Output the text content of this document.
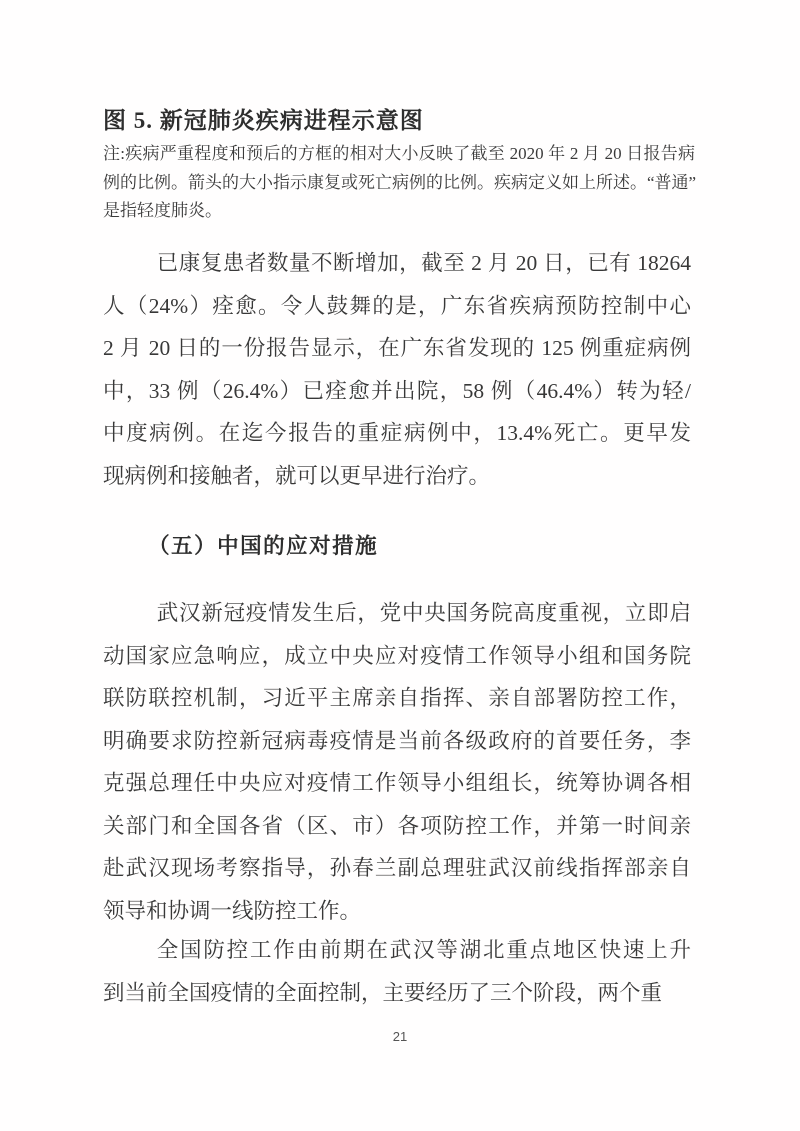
图 5. 新冠肺炎疾病进程示意图
注:疾病严重程度和预后的方框的相对大小反映了截至 2020 年 2 月 20 日报告病
例的比例。箭头的大小指示康复或死亡病例的比例。疾病定义如上所述。“普通”
是指轻度肺炎。
已康复患者数量不断增加，截至 2 月 20 日，已有 18264
人（24%）痊愈。令人鼓舞的是，广东省疾病预防控制中心
2 月 20 日的一份报告显示，在广东省发现的 125 例重症病例
中，33 例（26.4%）已痊愈并出院，58 例（46.4%）转为轻/
中度病例。在迄今报告的重症病例中，13.4%死亡。更早发
现病例和接触者，就可以更早进行治疗。
（五）中国的应对措施
武汉新冠疫情发生后，党中央国务院高度重视，立即启
动国家应急响应，成立中央应对疫情工作领导小组和国务院
联防联控机制，习近平主席亲自指挥、亲自部署防控工作，
明确要求防控新冠病毒疫情是当前各级政府的首要任务，李
克强总理任中央应对疫情工作领导小组组长，统筹协调各相
关部门和全国各省（区、市）各项防控工作，并第一时间亲
赴武汉现场考察指导，孙春兰副总理驻武汉前线指挥部亲自
领导和协调一线防控工作。
全国防控工作由前期在武汉等湖北重点地区快速上升
到当前全国疫情的全面控制，主要经历了三个阶段，两个重
21
